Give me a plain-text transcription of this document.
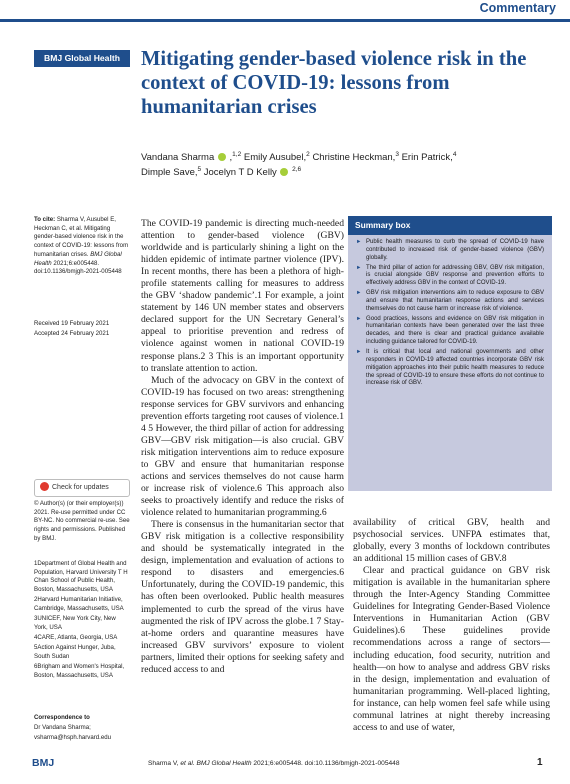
Commentary
BMJ Global Health	Mitigating gender-based violence risk in the context of COVID-19: lessons from humanitarian crises
Vandana Sharma  ,$^{1,2}$ Emily Ausubel,$^2$ Christine Heckman,$^3$ Erin Patrick,$^4$
Dimple Save,$^5$ Jocelyn T D Kelly $^{2,6}$

To cite: Sharma V, Ausubel E, Heckman C, et al. Mitigating gender-based violence risk in the context of COVID-19: lessons from humanitarian crises. BMJ Global Health 2021;6:e005448. doi:10.1136/bmjgh-2021-005448

Received 19 February 2021

Accepted 24 February 2021

Check for updates

© Author(s) (or their employer(s)) 2021. Re-use permitted under CC BY-NC. No commercial re-use. See rights and permissions. Published by BMJ.

1Department of Global Health and Population, Harvard University T H Chan School of Public Health, Boston, Massachusetts, USA

2Harvard Humanitarian Initiative, Cambridge, Massachusetts, USA

3UNICEF, New York City, New York, USA

4CARE, Atlanta, Georgia, USA

5Action Against Hunger, Juba, South Sudan

6Brigham and Women's Hospital, Boston, Massachusetts, USA

Correspondence to

Dr Vandana Sharma;

vsharma@hsph.harvard.edu

The COVID-19 pandemic is directing much-needed attention to gender-based violence (GBV) worldwide and is particularly shining a light on the hidden epidemic of intimate partner violence (IPV). In recent months, there has been a plethora of high-profile statements calling for measures to address the GBV ‘shadow pandemic’.1 For example, a joint statement by 146 UN member states and observers declared support for the UN Secretary General’s appeal to prioritise prevention and redress of violence against women in national COVID-19 response plans.2 3 This is an important opportunity to translate attention to action.

Much of the advocacy on GBV in the context of COVID-19 has focused on two areas: strengthening response services for GBV survivors and enhancing prevention efforts targeting root causes of violence.1 4 5 However, the third pillar of action for addressing GBV—GBV risk mitigation—is also crucial. GBV risk mitigation interventions aim to reduce exposure to GBV and ensure that humanitarian response actions and services themselves do not cause harm or increase risk of violence.6 This approach also seeks to proactively identify and reduce the risks of violence related to humanitarian programming.6

There is consensus in the humanitarian sector that GBV risk mitigation is a collective responsibility and should be systematically integrated in the design, implementation and evaluation of actions to respond to disasters and emergencies.6 Unfortunately, during the COVID-19 pandemic, this has often been overlooked. Public health measures implemented to curb the spread of the virus have augmented the risk of IPV across the globe.1 7 Stay-at-home orders and quarantine measures have increased GBV survivors’ exposure to violent partners, limited their options for seeking safety and reduced access to and

Summary box
► Public health measures to curb the spread of COVID-19 have contributed to increased risk of gender-based violence (GBV) globally.
► The third pillar of action for addressing GBV, GBV risk mitigation, is crucial alongside GBV response and prevention efforts to effectively address GBV in the context of COVID-19.
► GBV risk mitigation interventions aim to reduce exposure to GBV and ensure that humanitarian response actions and services themselves do not cause harm or increase risk of violence.
► Good practices, lessons and evidence on GBV risk mitigation in humanitarian contexts have been generated over the last three decades, and there is clear and practical guidance available including guidance tailored for COVID-19.
► It is critical that local and national governments and other responders in COVID-19 affected countries incorporate GBV risk mitigation approaches into their public health measures to reduce the spread of COVID-19 to ensure these efforts do not continue to increase risk of GBV.

availability of critical GBV, health and psychosocial services. UNFPA estimates that, globally, every 3 months of lockdown contributes an additional 15 million cases of GBV.8

Clear and practical guidance on GBV risk mitigation is available in the humanitarian sphere through the Inter-Agency Standing Committee Guidelines for Integrating Gender-Based Violence Interventions in Humanitarian Action (GBV Guidelines).6 These guidelines provide recommendations across a range of sectors—including education, food security, nutrition and health—on how to analyse and address GBV risks in the design, implementation and evaluation of humanitarian programming. Well-placed lighting, for instance, can help women feel safe while using communal latrines at night thereby increasing access to and use of water,

BMJ	Sharma V, et al. BMJ Global Health 2021;6:e005448. doi:10.1136/bmjgh-2021-005448	1
